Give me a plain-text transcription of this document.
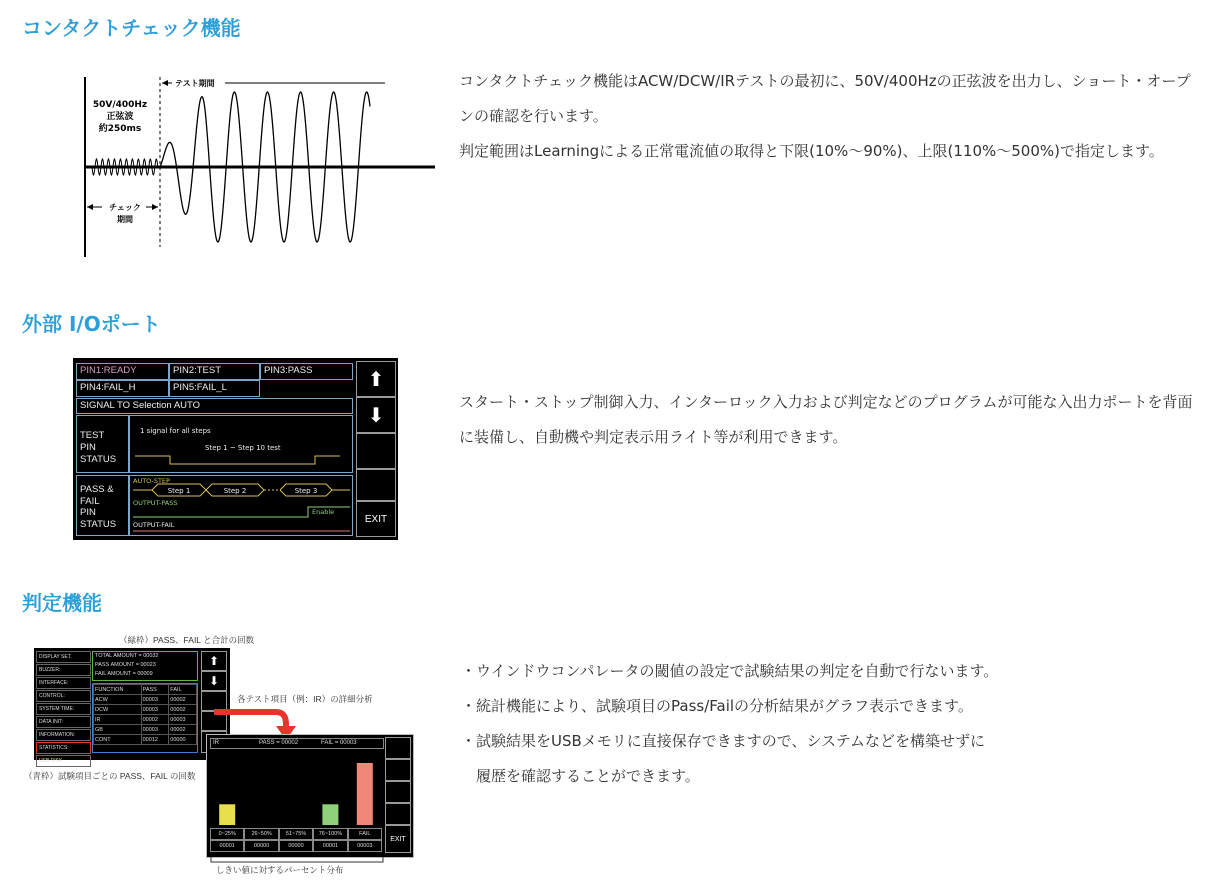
コンタクトチェック機能
テスト期間
50V/400Hz
正弦波
約250ms
チェック
期間

コンタクトチェック機能はACW/DCW/IRテストの最初に、50V/400Hzの正弦波を出力し、ショート・オープンの確認を行います。

判定範囲はLearningによる正常電流値の取得と下限(10%〜90%)、上限(110%〜500%)で指定します。

外部 I/Oポート
PIN1:READY	PIN2:TEST	PIN3:PASS
PIN4:FAIL_H	PIN5:FAIL_L
SIGNAL TO Selection AUTO
TEST
PIN
STATUS
1 signal for all steps
Step 1 ~ Step 10 test
PASS &
FAIL
PIN
STATUS
AUTO-STEP
Step 1	Step 2	Step 3
OUTPUT-PASS
Enable
OUTPUT-FAIL
⬆
⬇
EXIT

スタート・ストップ制御入力、インターロック入力および判定などのプログラムが可能な入出力ポートを背面に装備し、自動機や判定表示用ライト等が利用できます。

判定機能
（緑枠）PASS、FAIL と合計の回数
各テスト項目（例：IR）の詳細分析
（青枠）試験項目ごとの PASS、FAIL の回数
しきい値に対するパーセント分布
DISPLAY SET.
BUZZER:
INTERFACE:
CONTROL:
SYSTEM TIME:
DATA INIT:
INFORMATION:
STATISTICS:
USB DISK
TOTAL AMOUNT = 00032
PASS AMOUNT = 00023
FAIL AMOUNT = 00009
FUNCTION	PASS	FAIL
ACW	00003	00002
DCW	00003	00002
IR	00002	00003
GB	00003	00002
CONT	00012	00000
⬆
⬇
IR	PASS = 00002	FAIL = 00003
0~25%	26~50%	51~75%	76~100%	FAIL
00001	00000	00000	00001	00003
EXIT

・ウインドウコンパレータの閾値の設定で試験結果の判定を自動で行ないます。

・統計機能により、試験項目のPass/Failの分析結果がグラフ表示できます。

・試験結果をUSBメモリに直接保存できますので、システムなどを構築せずに

　履歴を確認することができます。
